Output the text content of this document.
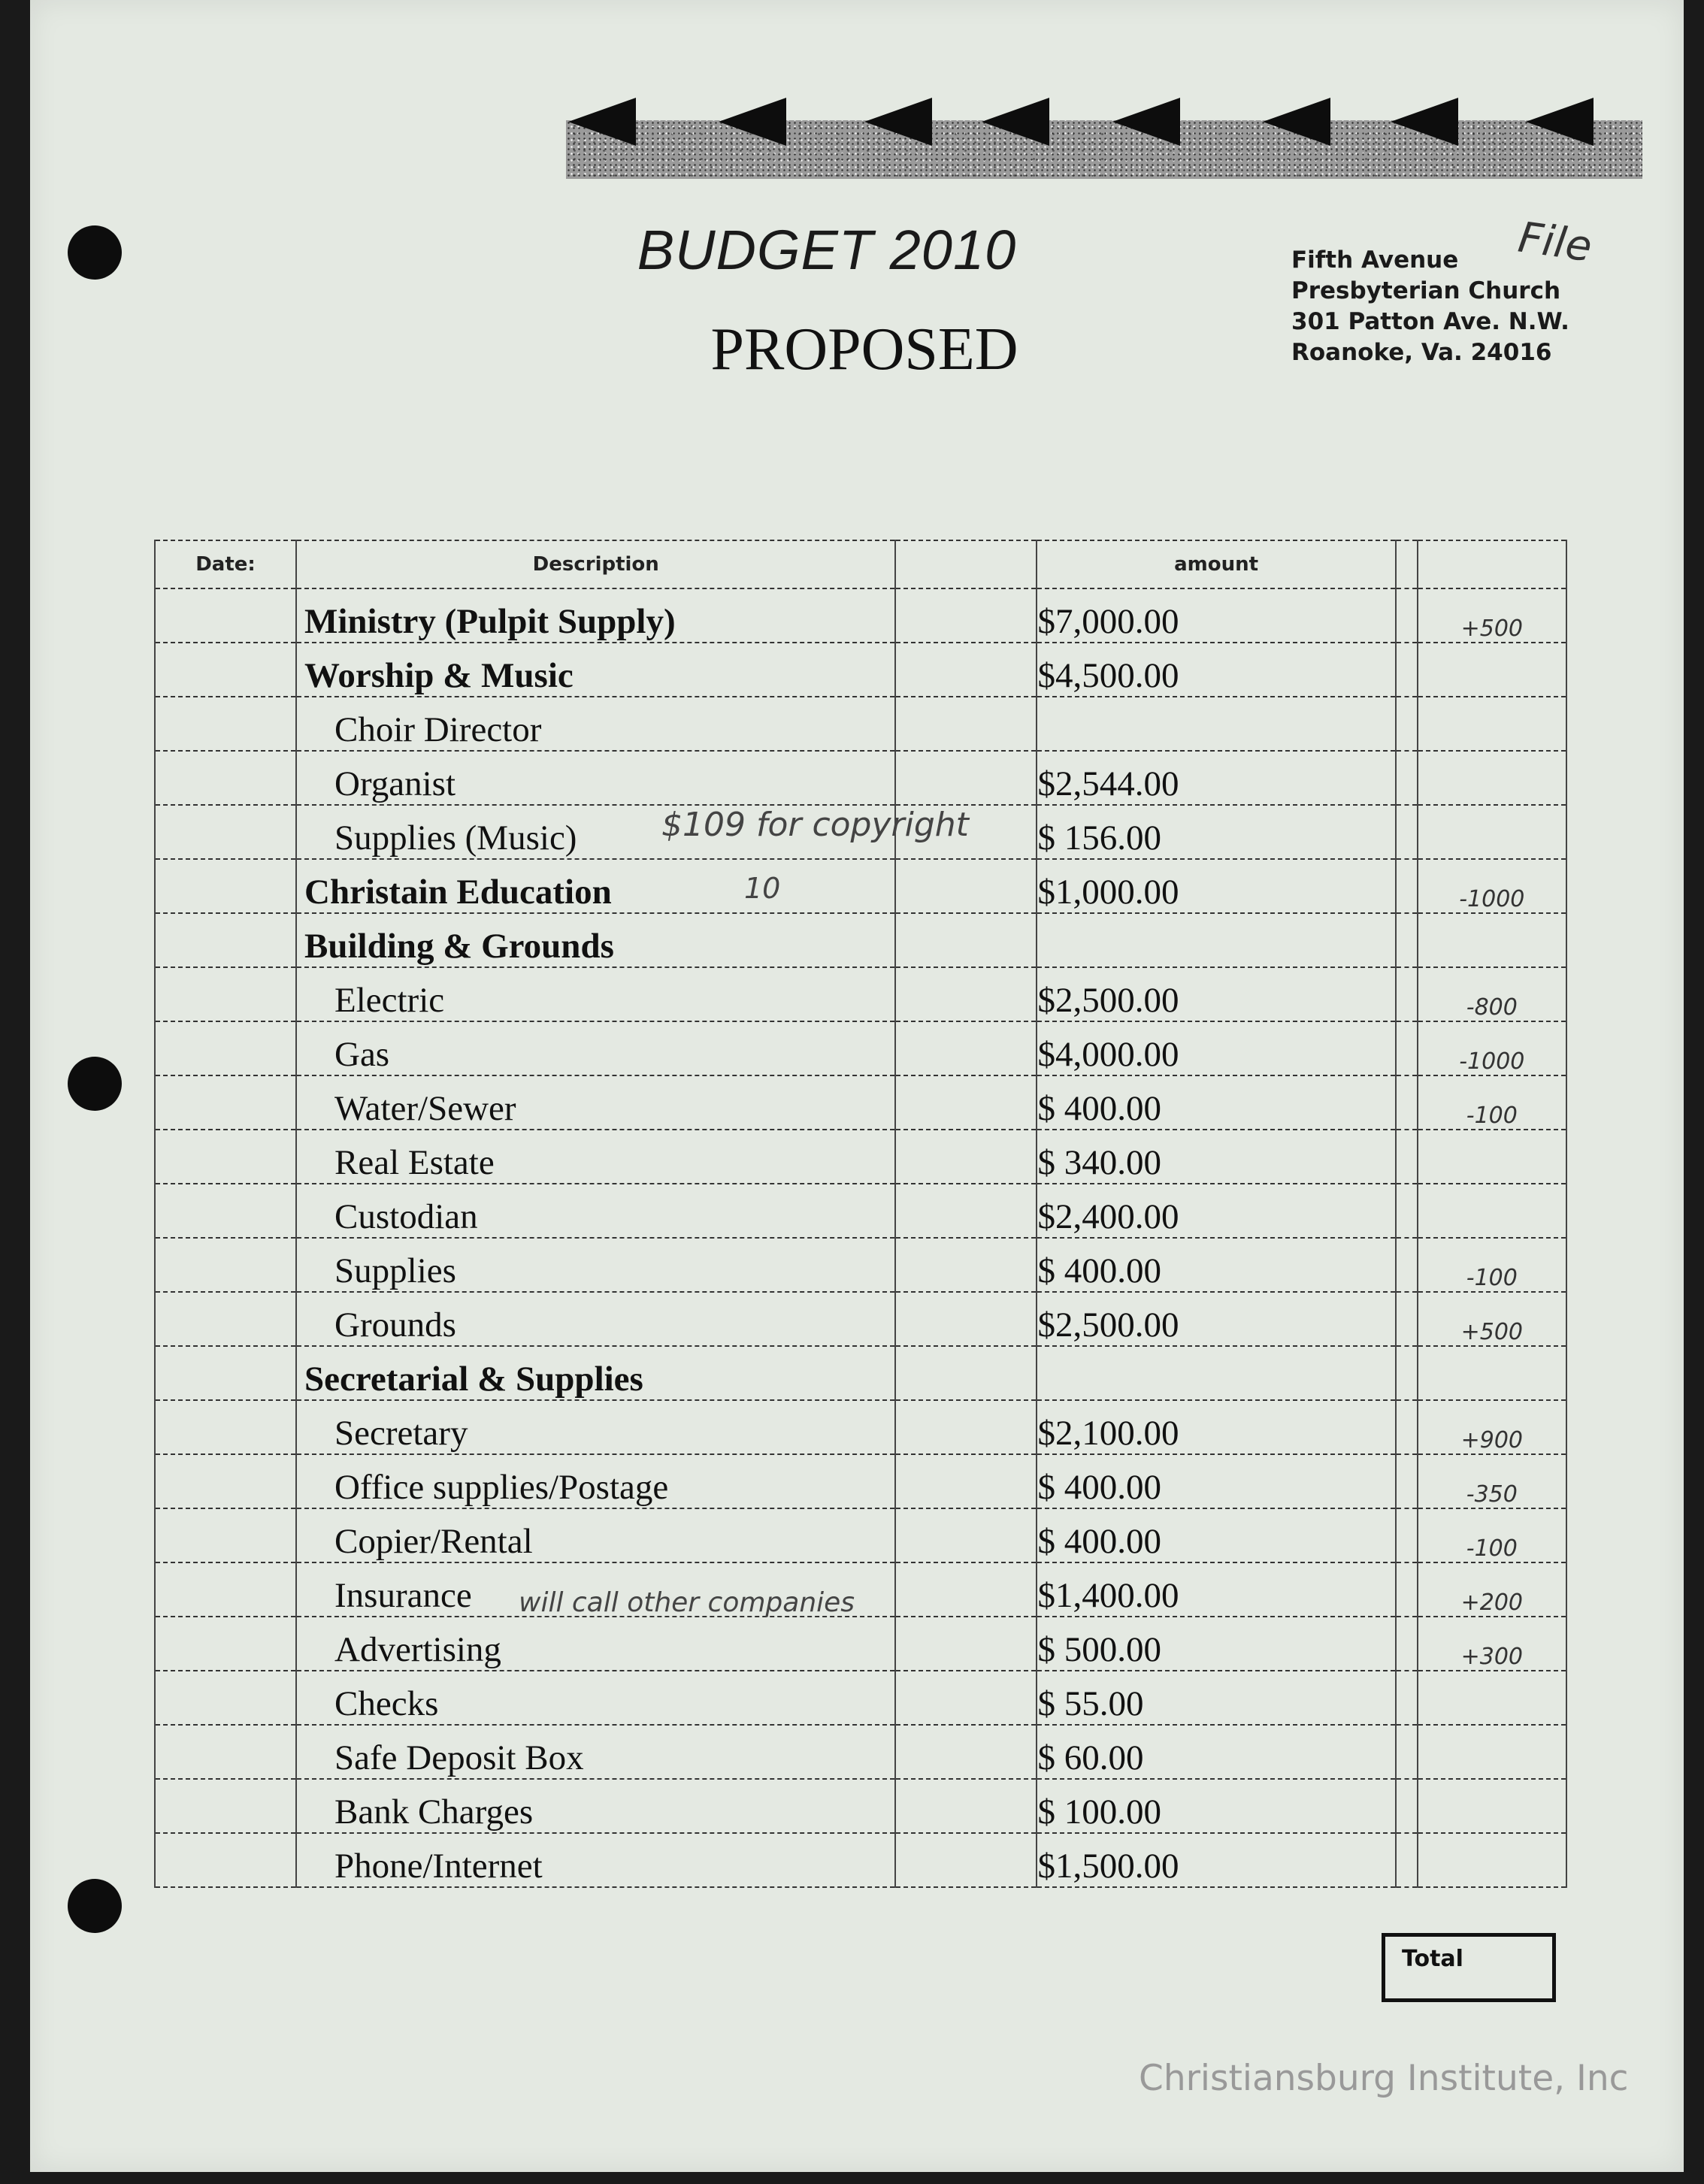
BUDGET 2010
PROPOSED
Fifth Avenue
Presbyterian Church
301 Patton Ave. N.W.
Roanoke, Va. 24016
File
Date:	Description		amount		
	Ministry (Pulpit Supply)		$7,000.00		+500
	Worship & Music		$4,500.00		
	Choir Director				
	Organist		$2,544.00		
	Supplies (Music)		$ 156.00		
	Christain Education		$1,000.00		-1000
	Building & Grounds				
	Electric		$2,500.00		-800
	Gas		$4,000.00		-1000
	Water/Sewer		$ 400.00		-100
	Real Estate		$ 340.00		
	Custodian		$2,400.00		
	Supplies		$ 400.00		-100
	Grounds		$2,500.00		+500
	Secretarial & Supplies				
	Secretary		$2,100.00		+900
	Office supplies/Postage		$ 400.00		-350
	Copier/Rental		$ 400.00		-100
	Insurance		$1,400.00		+200
	Advertising		$ 500.00		+300
	Checks		$ 55.00		
	Safe Deposit Box		$ 60.00		
	Bank Charges		$ 100.00		
	Phone/Internet		$1,500.00		
$109 for copyright
10
will call other companies
Total
Christiansburg Institute, Inc
